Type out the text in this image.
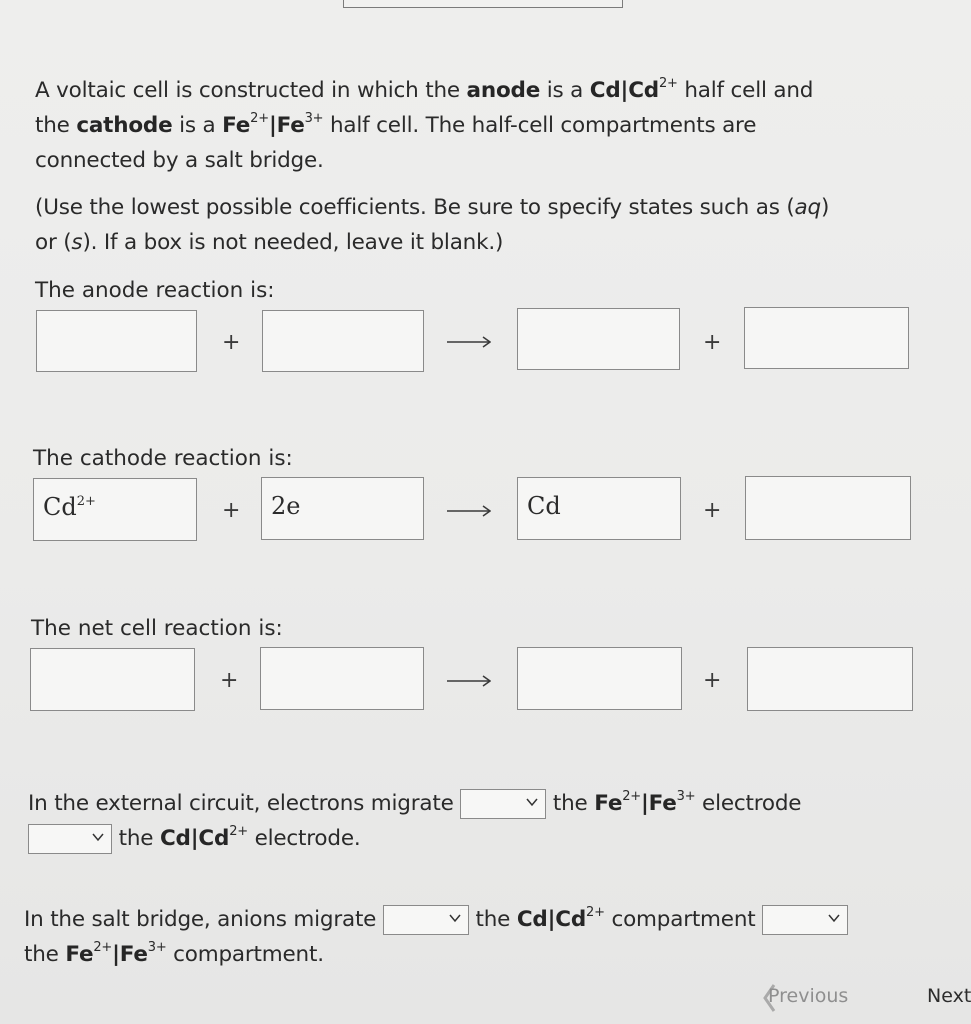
A voltaic cell is constructed in which the anode is a $Cd|Cd^{2+}$ half cell and
the cathode is a $Fe^{2+}|Fe^{3+}$ half cell. The half-cell compartments are
connected by a salt bridge.
(Use the lowest possible coefficients. Be sure to specify states such as (aq)
or (s). If a box is not needed, leave it blank.)
The anode reaction is:
+	+
The cathode reaction is:
$Cd^{2+}$	+ 2e	Cd	+
The net cell reaction is:
+	+
In the external circuit, electrons migrate	the $Fe^{2+}|Fe^{3+}$ electrode

the $Cd|Cd^{2+}$ electrode.
In the salt bridge, anions migrate	the $Cd|Cd^{2+}$ compartment

the $Fe^{2+}|Fe^{3+}$ compartment.
Previous	Next
